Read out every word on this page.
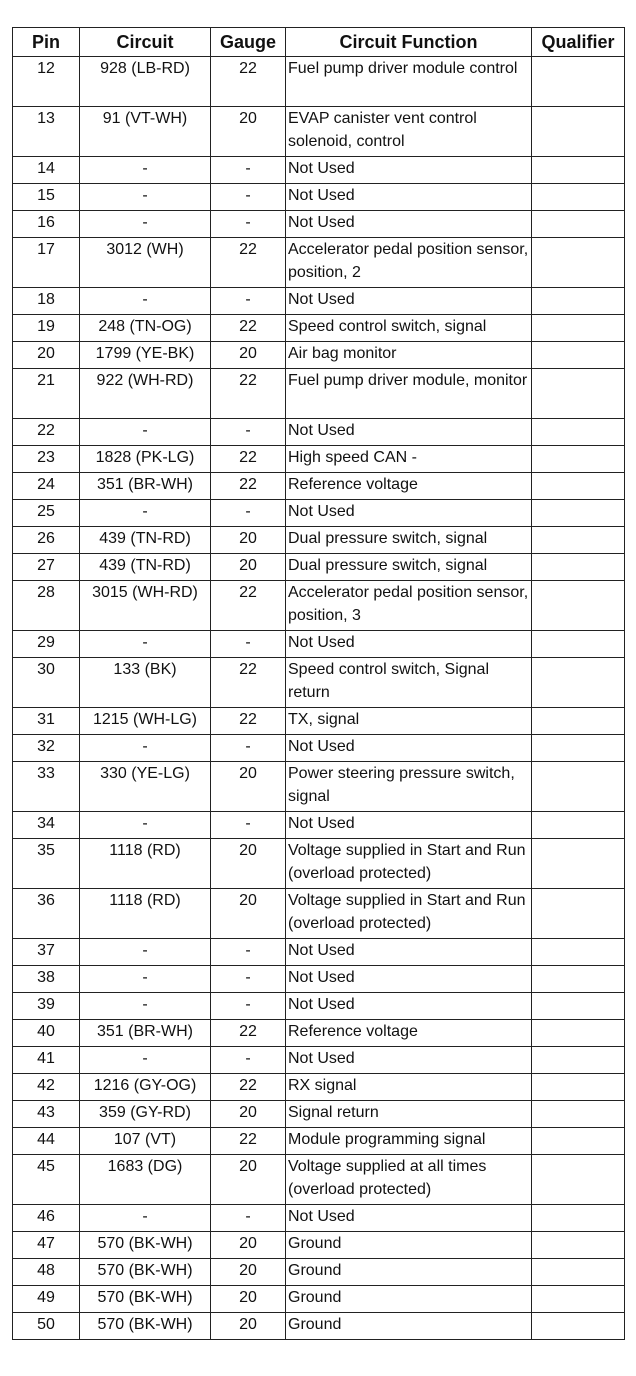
Pin	Circuit	Gauge	Circuit Function	Qualifier
12	928 (LB-RD)	22	Fuel pump driver module control	
13	91 (VT-WH)	20	EVAP canister vent control solenoid, control	
14	-	-	Not Used	
15	-	-	Not Used	
16	-	-	Not Used	
17	3012 (WH)	22	Accelerator pedal position sensor, position, 2	
18	-	-	Not Used	
19	248 (TN-OG)	22	Speed control switch, signal	
20	1799 (YE-BK)	20	Air bag monitor	
21	922 (WH-RD)	22	Fuel pump driver module, monitor	
22	-	-	Not Used	
23	1828 (PK-LG)	22	High speed CAN -	
24	351 (BR-WH)	22	Reference voltage	
25	-	-	Not Used	
26	439 (TN-RD)	20	Dual pressure switch, signal	
27	439 (TN-RD)	20	Dual pressure switch, signal	
28	3015 (WH-RD)	22	Accelerator pedal position sensor, position, 3	
29	-	-	Not Used	
30	133 (BK)	22	Speed control switch, Signal return	
31	1215 (WH-LG)	22	TX, signal	
32	-	-	Not Used	
33	330 (YE-LG)	20	Power steering pressure switch, signal	
34	-	-	Not Used	
35	1118 (RD)	20	Voltage supplied in Start and Run (overload protected)	
36	1118 (RD)	20	Voltage supplied in Start and Run (overload protected)	
37	-	-	Not Used	
38	-	-	Not Used	
39	-	-	Not Used	
40	351 (BR-WH)	22	Reference voltage	
41	-	-	Not Used	
42	1216 (GY-OG)	22	RX signal	
43	359 (GY-RD)	20	Signal return	
44	107 (VT)	22	Module programming signal	
45	1683 (DG)	20	Voltage supplied at all times (overload protected)	
46	-	-	Not Used	
47	570 (BK-WH)	20	Ground	
48	570 (BK-WH)	20	Ground	
49	570 (BK-WH)	20	Ground	
50	570 (BK-WH)	20	Ground	
